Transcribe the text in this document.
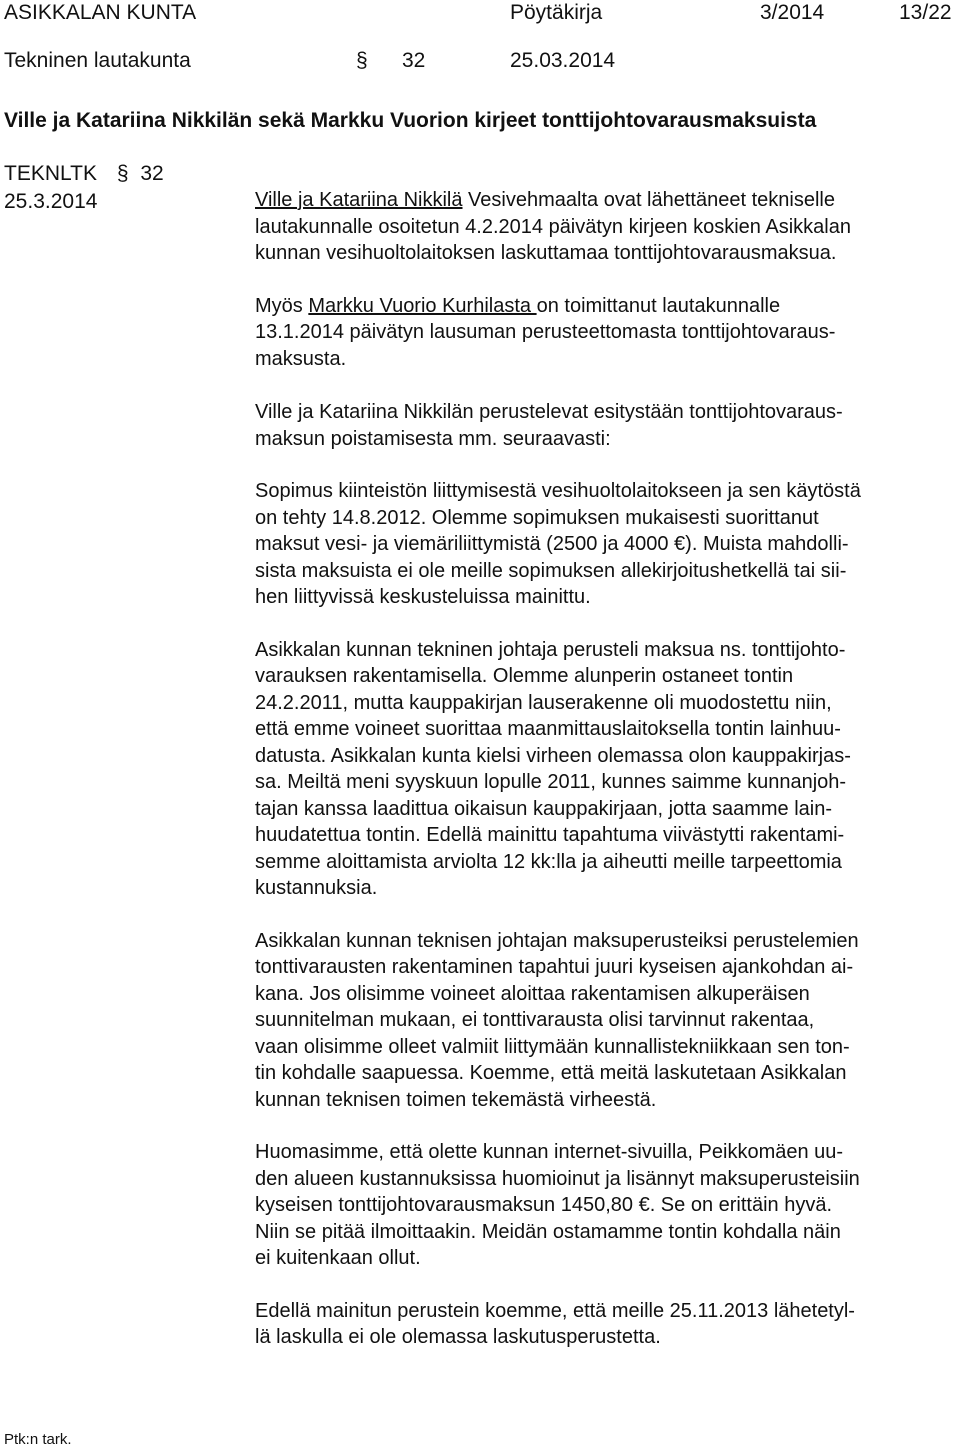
ASIKKALAN KUNTA	Pöytäkirja	3/2014	13/22
Tekninen lautakunta	§ 32	25.03.2014
Ville ja Katariina Nikkilän sekä Markku Vuorion kirjeet tonttijohtovarausmaksuista
TEKNLTK § 32
25.3.2014	Ville ja Katariina Nikkilä Vesivehmaalta ovat lähettäneet tekniselle
lautakunnalle osoitetun 4.2.2014 päivätyn kirjeen koskien Asikkalan
kunnan vesihuoltolaitoksen laskuttamaa tonttijohtovarausmaksua.

Myös Markku Vuorio Kurhilasta on toimittanut lautakunnalle
13.1.2014 päivätyn lausuman perusteettomasta tonttijohtovaraus-
maksusta.

Ville ja Katariina Nikkilän perustelevat esitystään tonttijohtovaraus-
maksun poistamisesta mm. seuraavasti:

Sopimus kiinteistön liittymisestä vesihuoltolaitokseen ja sen käytöstä
on tehty 14.8.2012. Olemme sopimuksen mukaisesti suorittanut
maksut vesi- ja viemäriliittymistä (2500 ja 4000 €). Muista mahdolli-
sista maksuista ei ole meille sopimuksen allekirjoitushetkellä tai sii-
hen liittyvissä keskusteluissa mainittu.

Asikkalan kunnan tekninen johtaja perusteli maksua ns. tonttijohto-
varauksen rakentamisella. Olemme alunperin ostaneet tontin
24.2.2011, mutta kauppakirjan lauserakenne oli muodostettu niin,
että emme voineet suorittaa maanmittauslaitoksella tontin lainhuu-
datusta. Asikkalan kunta kielsi virheen olemassa olon kauppakirjas-
sa. Meiltä meni syyskuun lopulle 2011, kunnes saimme kunnanjoh-
tajan kanssa laadittua oikaisun kauppakirjaan, jotta saamme lain-
huudatettua tontin. Edellä mainittu tapahtuma viivästytti rakentami-
semme aloittamista arviolta 12 kk:lla ja aiheutti meille tarpeettomia
kustannuksia.

Asikkalan kunnan teknisen johtajan maksuperusteiksi perustelemien
tonttivarausten rakentaminen tapahtui juuri kyseisen ajankohdan ai-
kana. Jos olisimme voineet aloittaa rakentamisen alkuperäisen
suunnitelman mukaan, ei tonttivarausta olisi tarvinnut rakentaa,
vaan olisimme olleet valmiit liittymään kunnallistekniikkaan sen ton-
tin kohdalle saapuessa. Koemme, että meitä laskutetaan Asikkalan
kunnan teknisen toimen tekemästä virheestä.

Huomasimme, että olette kunnan internet-sivuilla, Peikkomäen uu-
den alueen kustannuksissa huomioinut ja lisännyt maksuperusteisiin
kyseisen tonttijohtovarausmaksun 1450,80 €. Se on erittäin hyvä.
Niin se pitää ilmoittaakin. Meidän ostamamme tontin kohdalla näin
ei kuitenkaan ollut.

Edellä mainitun perustein koemme, että meille 25.11.2013 lähetetyl-
lä laskulla ei ole olemassa laskutusperustetta.

Ptk:n tark.
